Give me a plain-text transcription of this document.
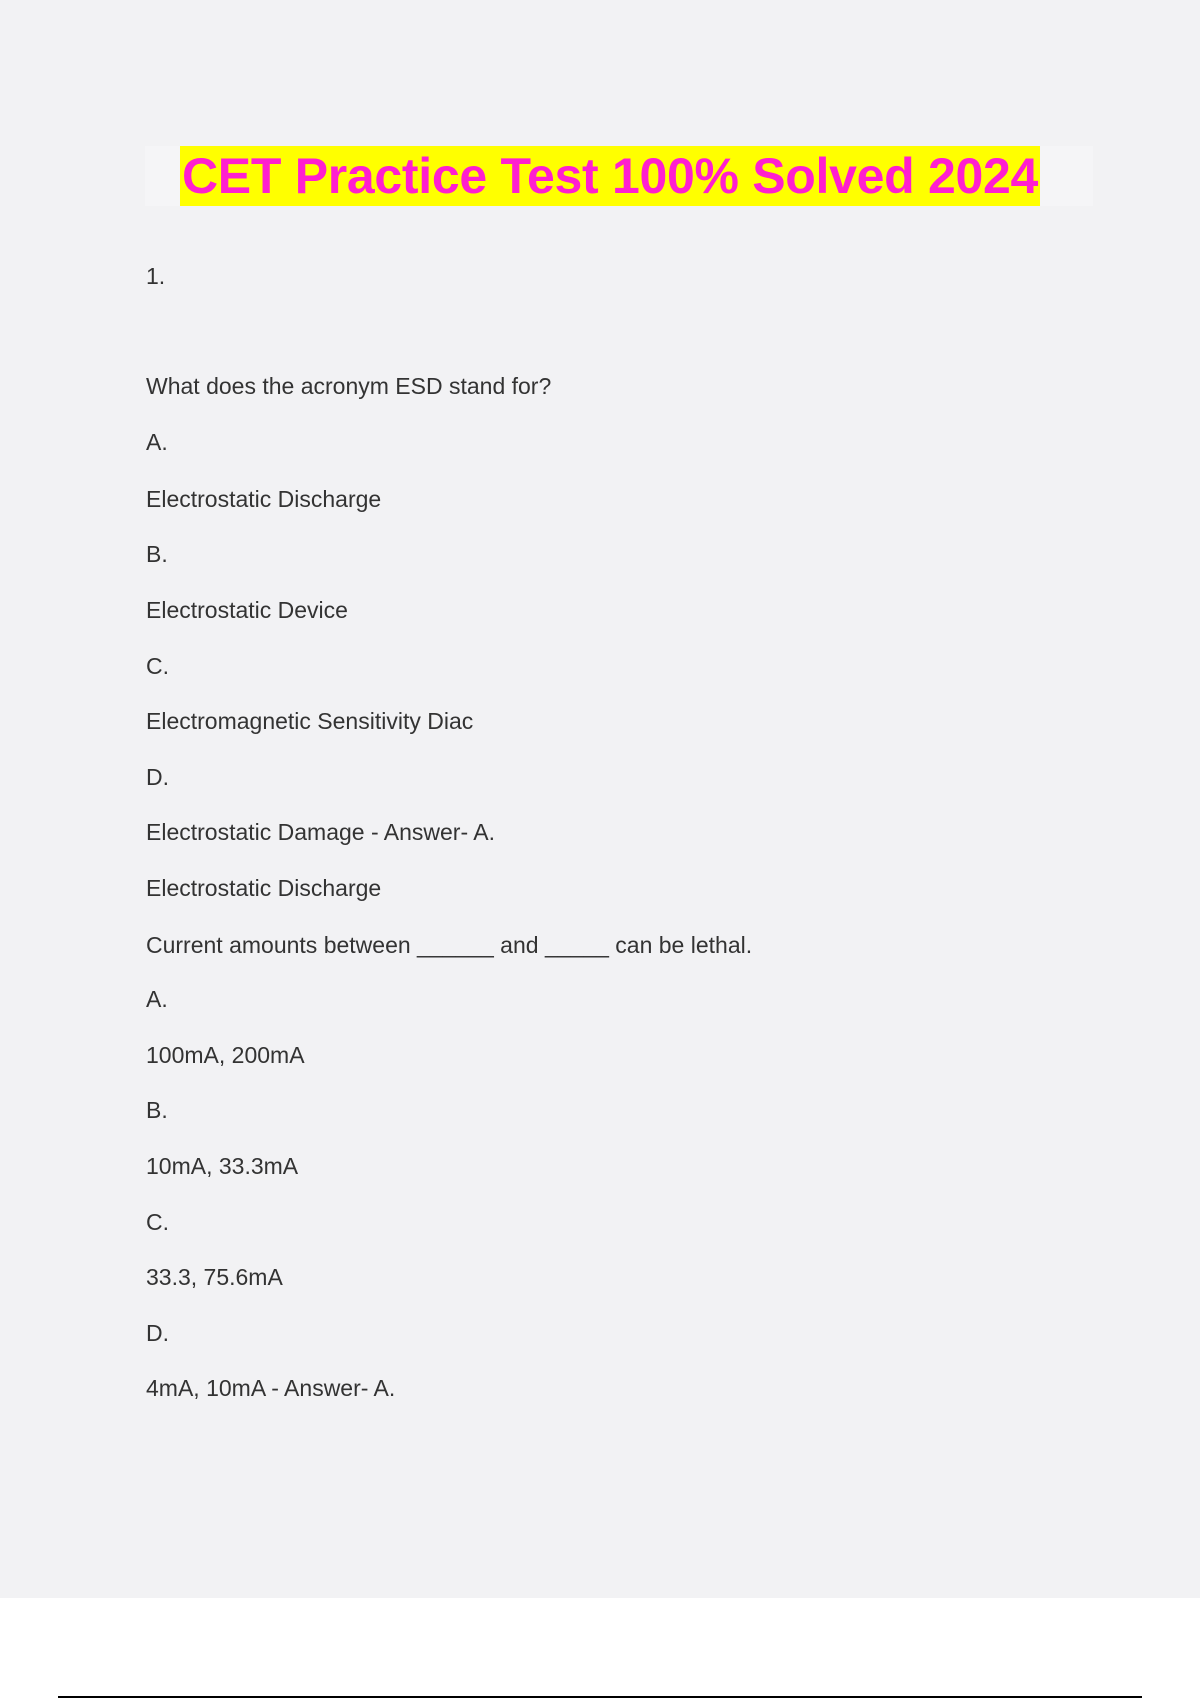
CET Practice Test 100% Solved 2024
1.
What does the acronym ESD stand for?
A.
Electrostatic Discharge
B.
Electrostatic Device
C.
Electromagnetic Sensitivity Diac
D.
Electrostatic Damage - Answer- A.
Electrostatic Discharge
Current amounts between ______ and _____ can be lethal.
A.
100mA, 200mA
B.
10mA, 33.3mA
C.
33.3, 75.6mA
D.
4mA, 10mA - Answer- A.
